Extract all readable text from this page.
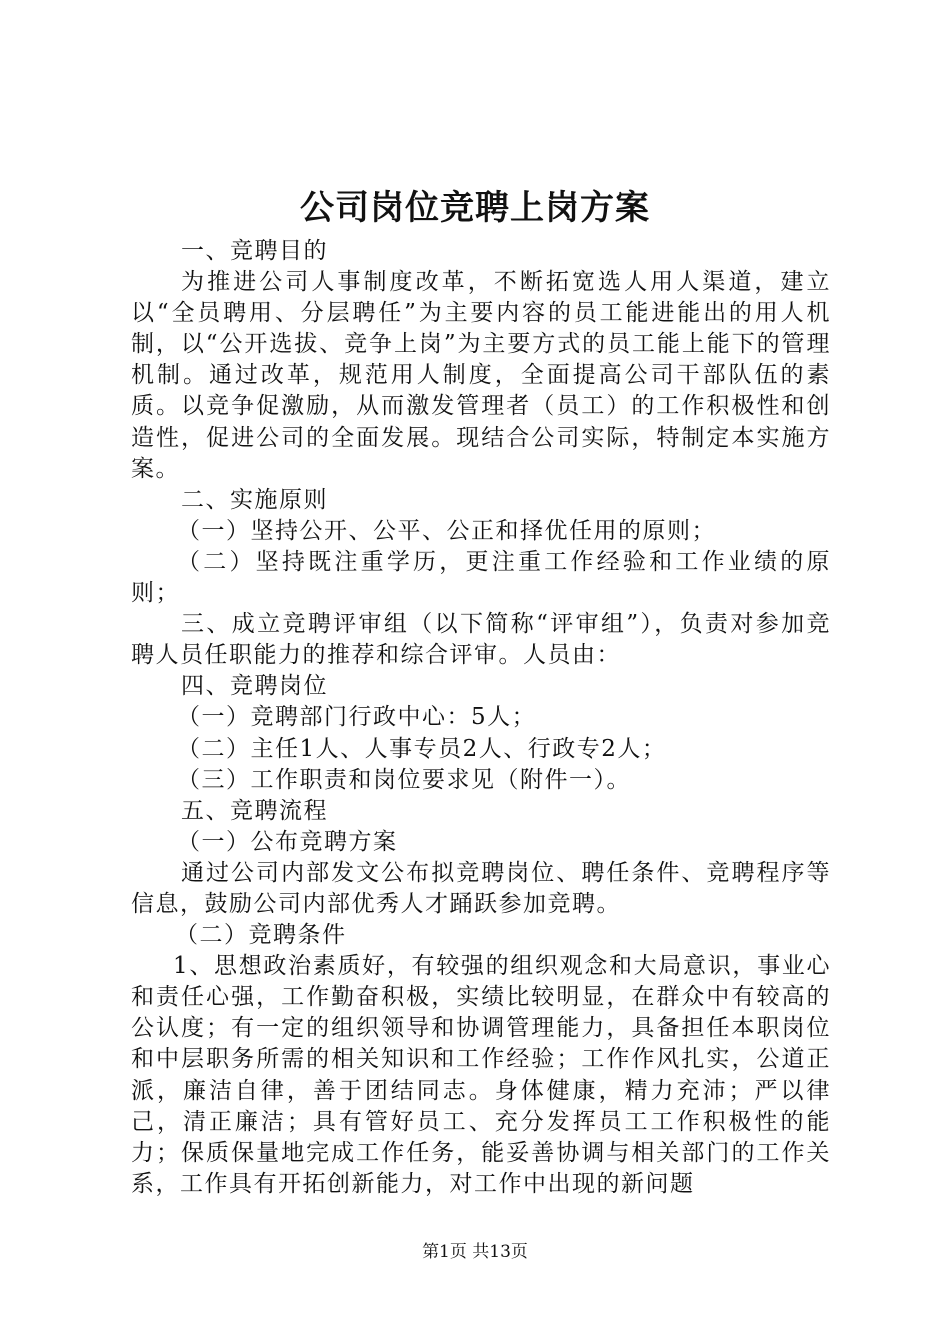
公司岗位竞聘上岗方案

一、竞聘目的

为推进公司人事制度改革，不断拓宽选人用人渠道，建立以“全员聘用、分层聘任”为主要内容的员工能进能出的用人机制，以“公开选拔、竞争上岗”为主要方式的员工能上能下的管理机制。通过改革，规范用人制度，全面提高公司干部队伍的素质。以竞争促激励，从而激发管理者（员工）的工作积极性和创造性，促进公司的全面发展。现结合公司实际，特制定本实施方案。

二、实施原则

（一）坚持公开、公平、公正和择优任用的原则；

（二）坚持既注重学历，更注重工作经验和工作业绩的原则；

三、成立竞聘评审组（以下简称“评审组”），负责对参加竞聘人员任职能力的推荐和综合评审。人员由：

四、竞聘岗位

（一）竞聘部门行政中心：5人；

（二）主任1人、人事专员2人、行政专2人；

（三）工作职责和岗位要求见（附件一）。

五、竞聘流程

（一）公布竞聘方案

通过公司内部发文公布拟竞聘岗位、聘任条件、竞聘程序等信息，鼓励公司内部优秀人才踊跃参加竞聘。

（二）竞聘条件

1、思想政治素质好，有较强的组织观念和大局意识，事业心和责任心强，工作勤奋积极，实绩比较明显，在群众中有较高的公认度；有一定的组织领导和协调管理能力，具备担任本职岗位和中层职务所需的相关知识和工作经验；工作作风扎实，公道正派，廉洁自律，善于团结同志。身体健康，精力充沛；严以律己，清正廉洁；具有管好员工、充分发挥员工工作积极性的能力；保质保量地完成工作任务，能妥善协调与相关部门的工作关系，工作具有开拓创新能力，对工作中出现的新问题

第1页 共13页
